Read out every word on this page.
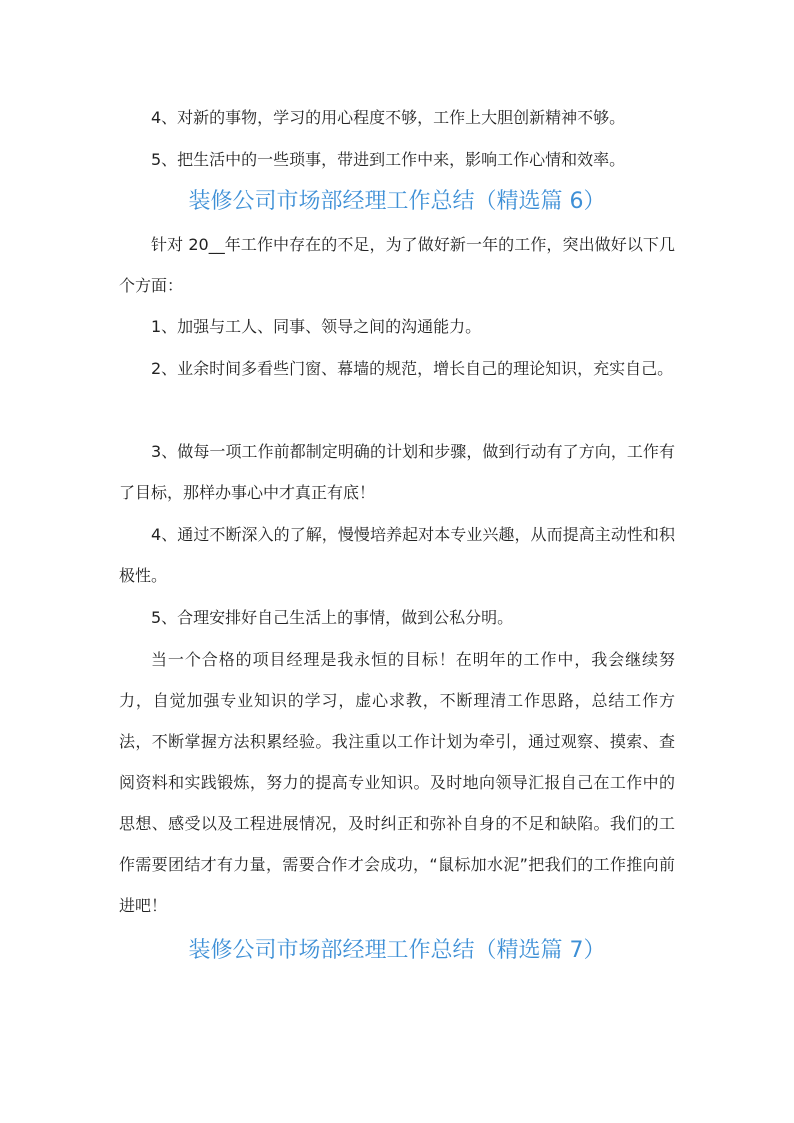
4、对新的事物，学习的用心程度不够，工作上大胆创新精神不够。

5、把生活中的一些琐事，带进到工作中来，影响工作心情和效率。

装修公司市场部经理工作总结（精选篇 6）

针对 20__年工作中存在的不足，为了做好新一年的工作，突出做好以下几个方面：

1、加强与工人、同事、领导之间的沟通能力。

2、业余时间多看些门窗、幕墙的规范，增长自己的理论知识，充实自己。

3、做每一项工作前都制定明确的计划和步骤，做到行动有了方向，工作有了目标，那样办事心中才真正有底！

4、通过不断深入的了解，慢慢培养起对本专业兴趣，从而提高主动性和积极性。

5、合理安排好自己生活上的事情，做到公私分明。

当一个合格的项目经理是我永恒的目标！在明年的工作中，我会继续努力，自觉加强专业知识的学习，虚心求教，不断理清工作思路，总结工作方法，不断掌握方法积累经验。我注重以工作计划为牵引，通过观察、摸索、查阅资料和实践锻炼，努力的提高专业知识。及时地向领导汇报自己在工作中的思想、感受以及工程进展情况，及时纠正和弥补自身的不足和缺陷。我们的工作需要团结才有力量，需要合作才会成功，“鼠标加水泥”把我们的工作推向前进吧！

装修公司市场部经理工作总结（精选篇 7）
